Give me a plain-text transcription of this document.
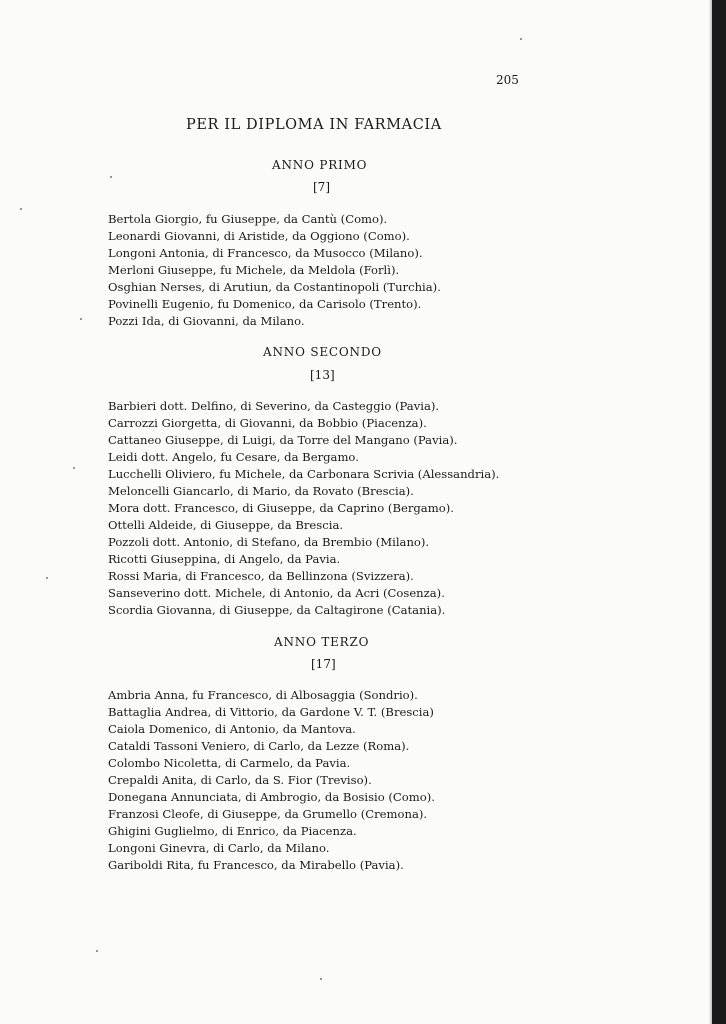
205
PER IL DIPLOMA IN FARMACIA
ANNO PRIMO
[7]
Bertola Giorgio, fu Giuseppe, da Cantù (Como).
Leonardi Giovanni, di Aristide, da Oggiono (Como).
Longoni Antonia, di Francesco, da Musocco (Milano).
Merloni Giuseppe, fu Michele, da Meldola (Forlì).
Osghian Nerses, di Arutiun, da Costantinopoli (Turchia).
Povinelli Eugenio, fu Domenico, da Carisolo (Trento).
Pozzi Ida, di Giovanni, da Milano.
ANNO SECONDO
[13]
Barbieri dott. Delfino, di Severino, da Casteggio (Pavia).
Carrozzi Giorgetta, di Giovanni, da Bobbio (Piacenza).
Cattaneo Giuseppe, di Luigi, da Torre del Mangano (Pavia).
Leidi dott. Angelo, fu Cesare, da Bergamo.
Lucchelli Oliviero, fu Michele, da Carbonara Scrivia (Alessandria).
Meloncelli Giancarlo, di Mario, da Rovato (Brescia).
Mora dott. Francesco, di Giuseppe, da Caprino (Bergamo).
Ottelli Aldeide, di Giuseppe, da Brescia.
Pozzoli dott. Antonio, di Stefano, da Brembio (Milano).
Ricotti Giuseppina, di Angelo, da Pavia.
Rossi Maria, di Francesco, da Bellinzona (Svizzera).
Sanseverino dott. Michele, di Antonio, da Acri (Cosenza).
Scordia Giovanna, di Giuseppe, da Caltagirone (Catania).
ANNO TERZO
[17]
Ambria Anna, fu Francesco, di Albosaggia (Sondrio).
Battaglia Andrea, di Vittorio, da Gardone V. T. (Brescia)
Caiola Domenico, di Antonio, da Mantova.
Cataldi Tassoni Veniero, di Carlo, da Lezze (Roma).
Colombo Nicoletta, di Carmelo, da Pavia.
Crepaldi Anita, di Carlo, da S. Fior (Treviso).
Donegana Annunciata, di Ambrogio, da Bosisio (Como).
Franzosi Cleofe, di Giuseppe, da Grumello (Cremona).
Ghigini Guglielmo, di Enrico, da Piacenza.
Longoni Ginevra, di Carlo, da Milano.
Gariboldi Rita, fu Francesco, da Mirabello (Pavia).
